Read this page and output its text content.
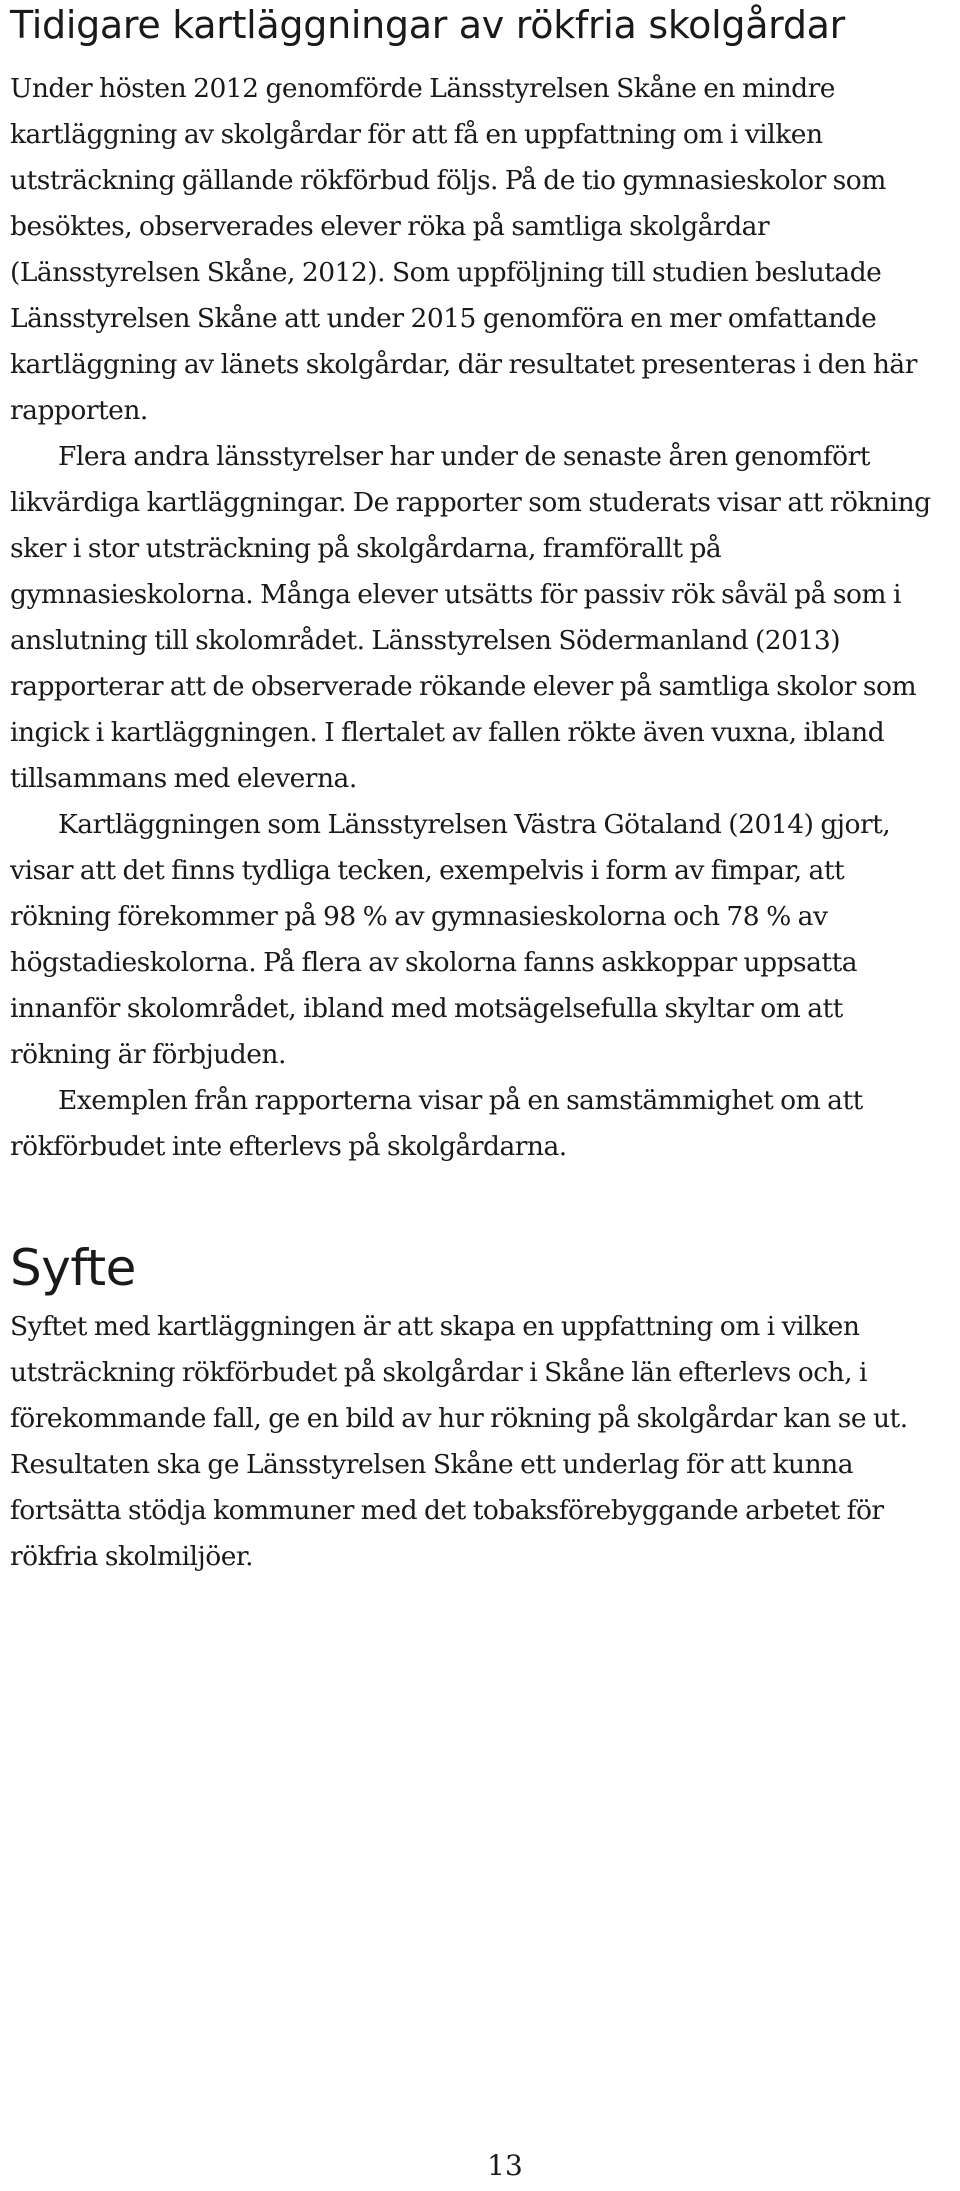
Tidigare kartläggningar av rökfria skolgårdar

Under hösten 2012 genomförde Länsstyrelsen Skåne en mindre kartläggning av skolgårdar för att få en uppfattning om i vilken utsträckning gällande rökförbud följs. På de tio gymnasieskolor som besöktes, observerades elever röka på samtliga skolgårdar (Länsstyrelsen Skåne, 2012). Som uppföljning till studien beslutade Länsstyrelsen Skåne att under 2015 genomföra en mer omfattande kartläggning av länets skolgårdar, där resultatet presenteras i den här rapporten.

Flera andra länsstyrelser har under de senaste åren genomfört likvärdiga kartläggningar. De rapporter som studerats visar att rökning sker i stor utsträckning på skolgårdarna, framförallt på gymnasieskolorna. Många elever utsätts för passiv rök såväl på som i anslutning till skolområdet. Länsstyrelsen Södermanland (2013) rapporterar att de observerade rökande elever på samtliga skolor som ingick i kartläggningen. I flertalet av fallen rökte även vuxna, ibland tillsammans med eleverna.

Kartläggningen som Länsstyrelsen Västra Götaland (2014) gjort, visar att det finns tydliga tecken, exempelvis i form av fimpar, att rökning förekommer på 98 % av gymnasieskolorna och 78 % av högstadieskolorna. På flera av skolorna fanns askkoppar uppsatta innanför skolområdet, ibland med motsägelsefulla skyltar om att rökning är förbjuden.

Exemplen från rapporterna visar på en samstämmighet om att rökförbudet inte efterlevs på skolgårdarna.

Syfte

Syftet med kartläggningen är att skapa en uppfattning om i vilken utsträckning rökförbudet på skolgårdar i Skåne län efterlevs och, i förekommande fall, ge en bild av hur rökning på skolgårdar kan se ut. Resultaten ska ge Länsstyrelsen Skåne ett underlag för att kunna fortsätta stödja kommuner med det tobaksförebyggande arbetet för rökfria skolmiljöer.

13
